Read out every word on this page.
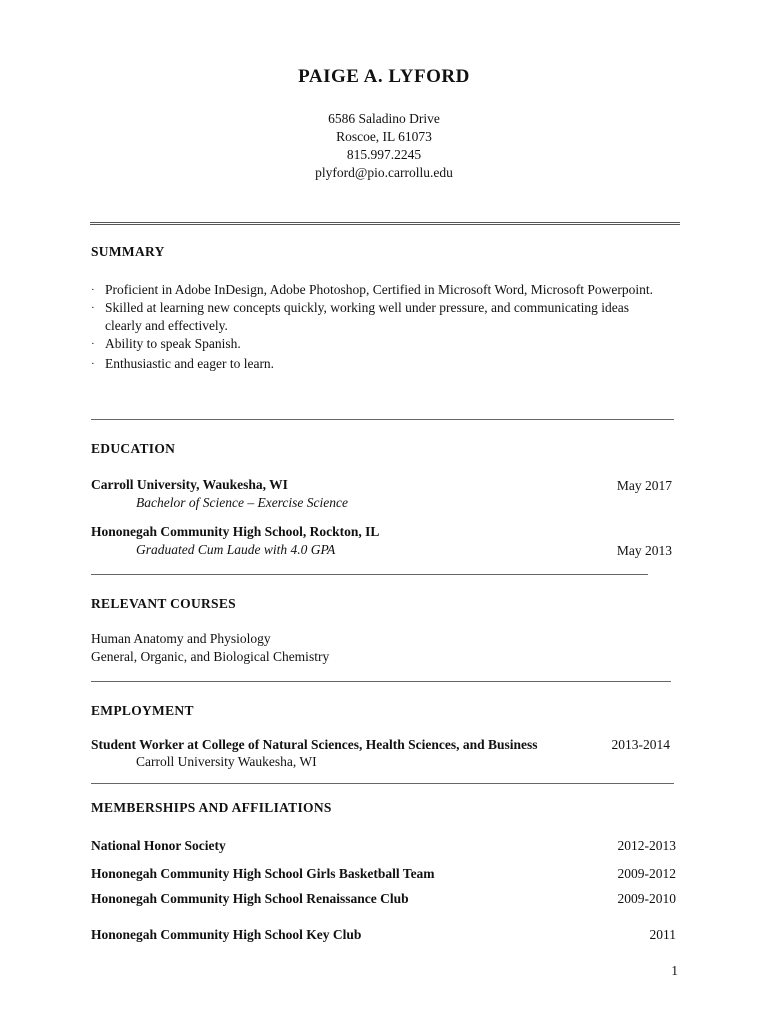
PAIGE A. LYFORD
6586 Saladino Drive
Roscoe, IL 61073
815.997.2245
plyford@pio.carrollu.edu
SUMMARY
· Proficient in Adobe InDesign, Adobe Photoshop, Certified in Microsoft Word, Microsoft Powerpoint.
· Skilled at learning new concepts quickly, working well under pressure, and communicating ideas clearly and effectively.
· Ability to speak Spanish.
· Enthusiastic and eager to learn.
EDUCATION
Carroll University, Waukesha, WI	May 2017
Bachelor of Science – Exercise Science
Hononegah Community High School, Rockton, IL
Graduated Cum Laude with 4.0 GPA	May 2013
RELEVANT COURSES
Human Anatomy and Physiology
General, Organic, and Biological Chemistry
EMPLOYMENT
Student Worker at College of Natural Sciences, Health Sciences, and Business	2013-2014
Carroll University Waukesha, WI
MEMBERSHIPS AND AFFILIATIONS
National Honor Society	2012-2013
Hononegah Community High School Girls Basketball Team	2009-2012
Hononegah Community High School Renaissance Club	2009-2010
Hononegah Community High School Key Club	2011
1
